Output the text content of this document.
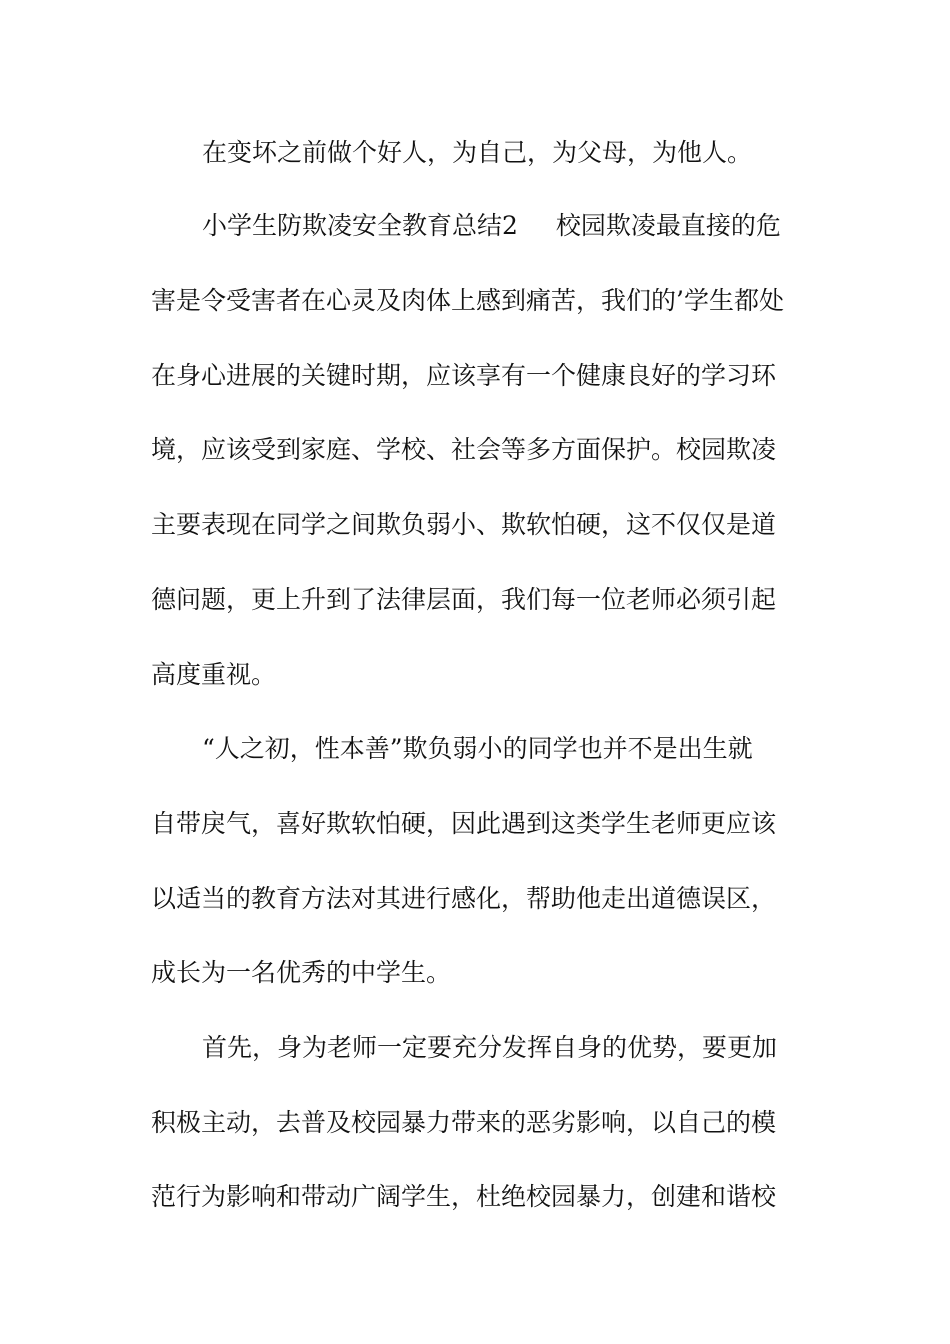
在变坏之前做个好人，为自己，为父母，为他人。
小学生防欺凌安全教育总结2 校园欺凌最直接的危
害是令受害者在心灵及肉体上感到痛苦，我们的’学生都处
在身心进展的关键时期，应该享有一个健康良好的学习环
境，应该受到家庭、学校、社会等多方面保护。校园欺凌
主要表现在同学之间欺负弱小、欺软怕硬，这不仅仅是道
德问题，更上升到了法律层面，我们每一位老师必须引起
高度重视。
“人之初，性本善”欺负弱小的同学也并不是出生就
自带戾气，喜好欺软怕硬，因此遇到这类学生老师更应该
以适当的教育方法对其进行感化，帮助他走出道德误区，
成长为一名优秀的中学生。
首先，身为老师一定要充分发挥自身的优势，要更加
积极主动，去普及校园暴力带来的恶劣影响，以自己的模
范行为影响和带动广阔学生，杜绝校园暴力，创建和谐校
